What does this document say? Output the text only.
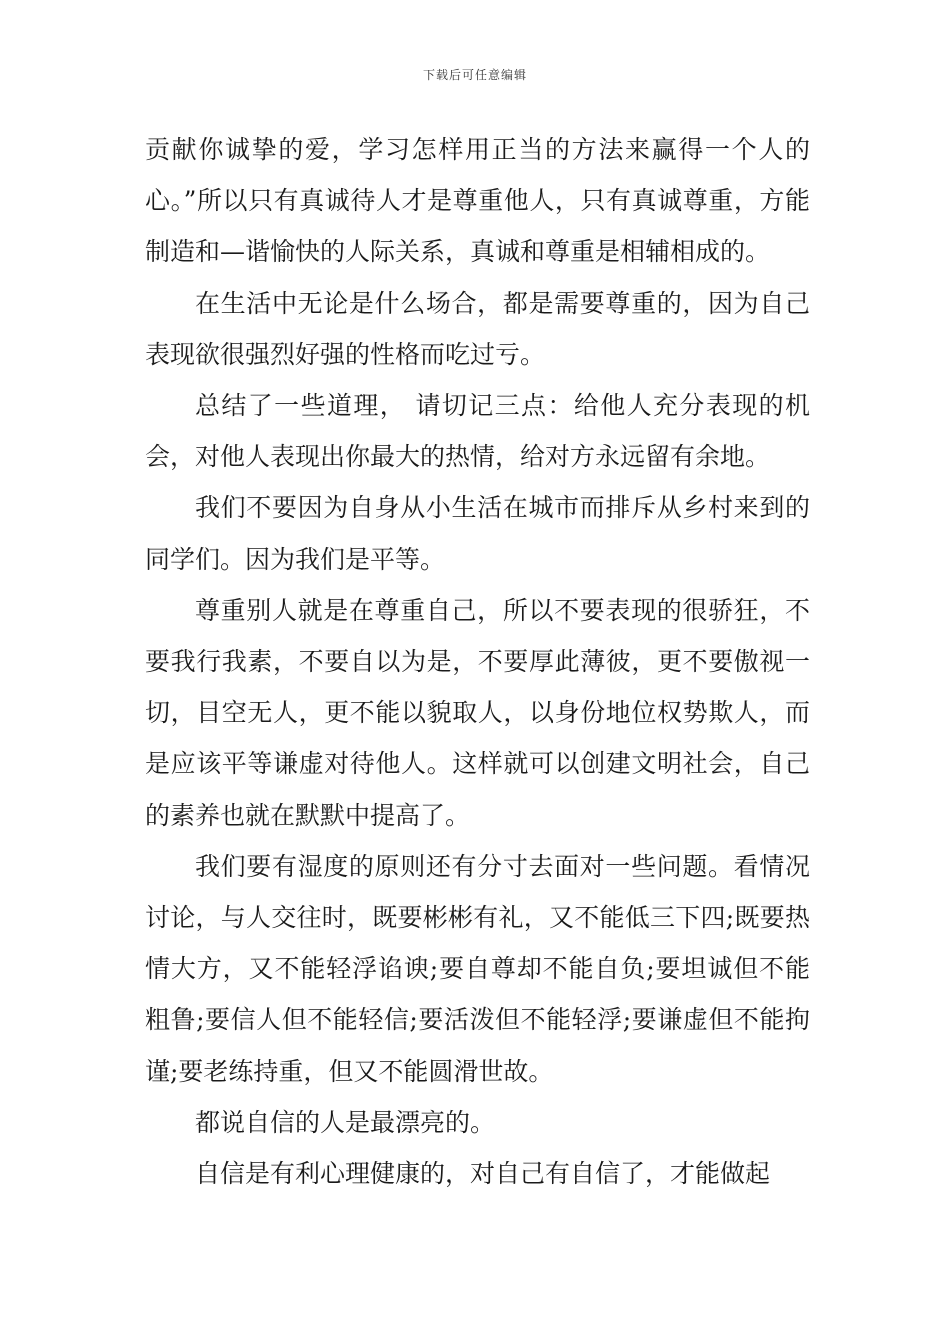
下载后可任意编辑

贡献你诚挚的爱，学习怎样用正当的方法来赢得一个人的心。”所以只有真诚待人才是尊重他人，只有真诚尊重，方能制造和—谐愉快的人际关系，真诚和尊重是相辅相成的。

在生活中无论是什么场合，都是需要尊重的，因为自己表现欲很强烈好强的性格而吃过亏。

总结了一些道理， 请切记三点：给他人充分表现的机会，对他人表现出你最大的热情，给对方永远留有余地。

我们不要因为自身从小生活在城市而排斥从乡村来到的同学们。因为我们是平等。

尊重别人就是在尊重自己，所以不要表现的很骄狂，不要我行我素，不要自以为是，不要厚此薄彼，更不要傲视一切，目空无人，更不能以貌取人，以身份地位权势欺人，而是应该平等谦虚对待他人。这样就可以创建文明社会，自己的素养也就在默默中提高了。

我们要有湿度的原则还有分寸去面对一些问题。看情况讨论，与人交往时，既要彬彬有礼，又不能低三下四;既要热情大方，又不能轻浮谄谀;要自尊却不能自负;要坦诚但不能粗鲁;要信人但不能轻信;要活泼但不能轻浮;要谦虚但不能拘谨;要老练持重，但又不能圆滑世故。

都说自信的人是最漂亮的。

自信是有利心理健康的，对自己有自信了，才能做起
